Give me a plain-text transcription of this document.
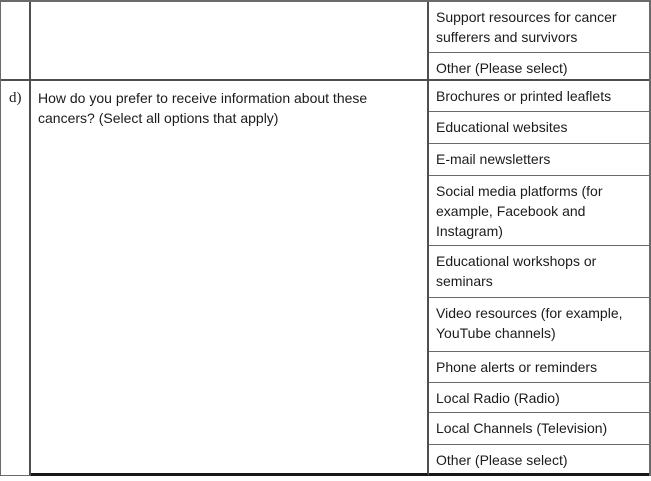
Support resources for cancer sufferers and survivors
Other (Please select)
d)	How do you prefer to receive information about these cancers? (Select all options that apply)
Brochures or printed leaflets
Educational websites
E-mail newsletters
Social media platforms (for example, Facebook and Instagram)
Educational workshops or seminars
Video resources (for example, YouTube channels)
Phone alerts or reminders
Local Radio (Radio)
Local Channels (Television)
Other (Please select)
